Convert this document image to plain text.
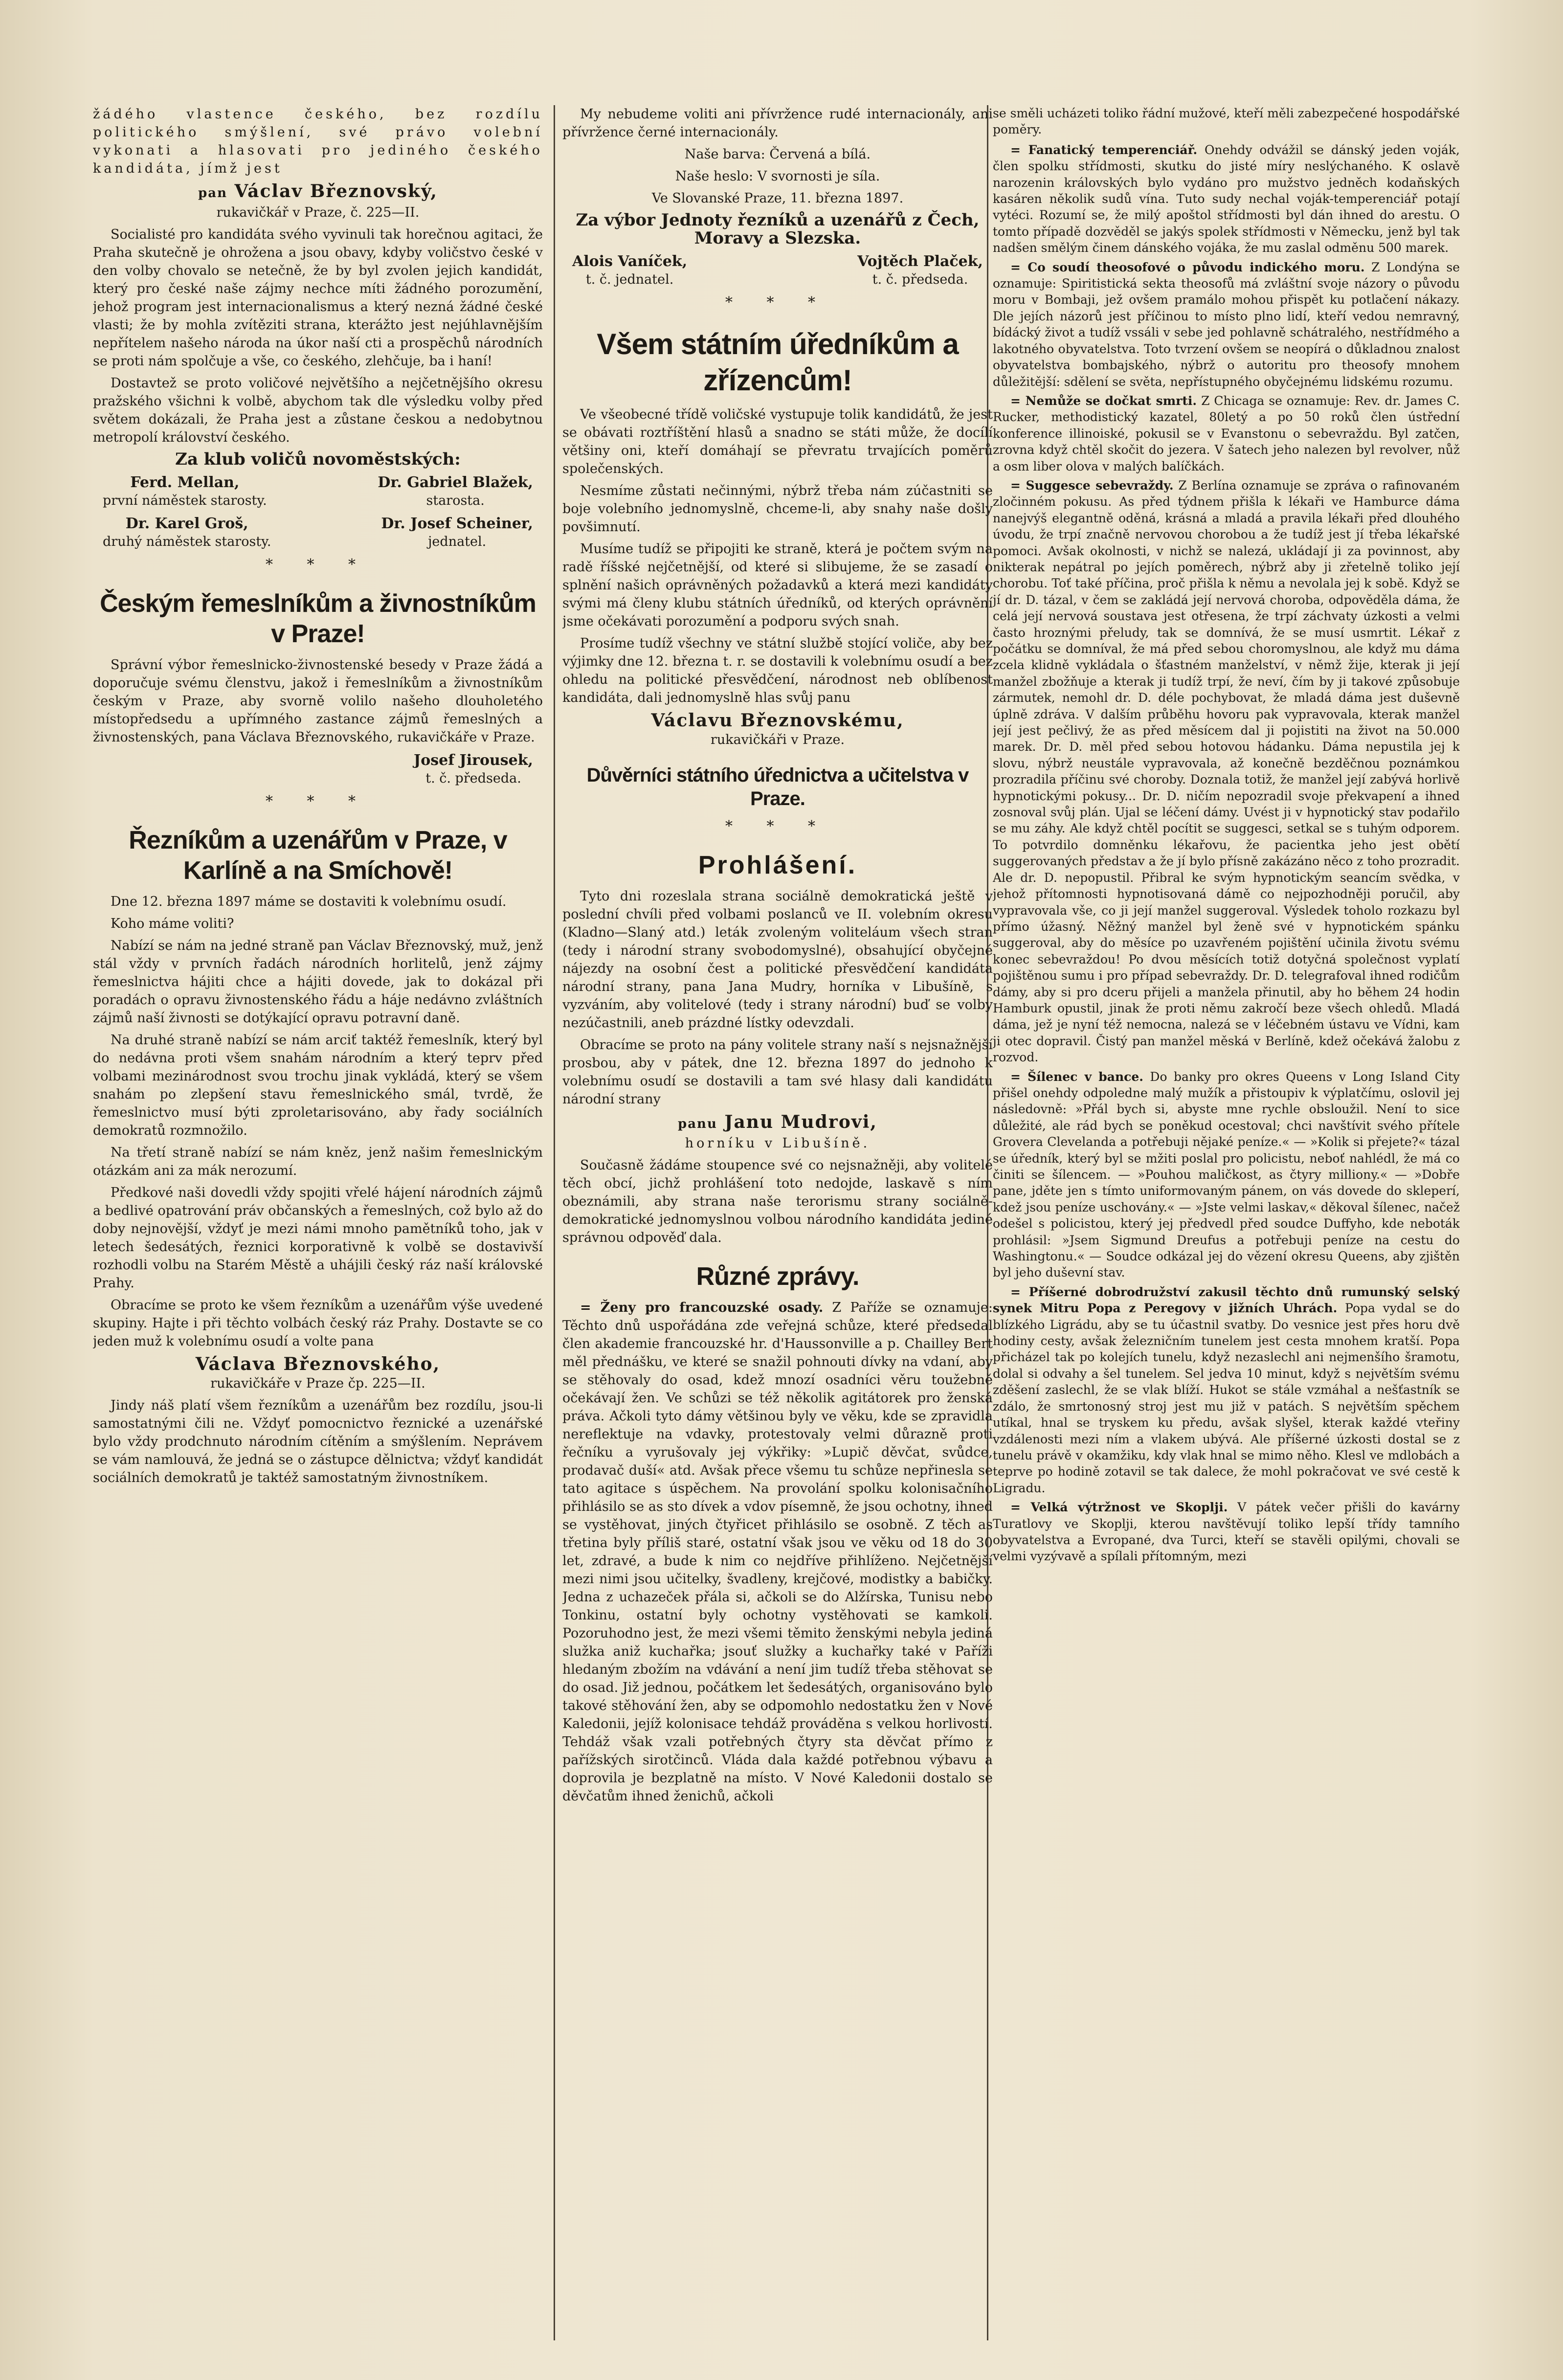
žádého vlastence českého, bez rozdílu politického smýšlení, své právo volební vykonati a hlasovati pro jediného českého kandidáta, jímž jest

pan Václav Březnovský,

rukavičkář v Praze, č. 225—II.

Socialisté pro kandidáta svého vyvinuli tak horečnou agitaci, že Praha skutečně je ohrožena a jsou obavy, kdyby voličstvo české v den volby chovalo se netečně, že by byl zvolen jejich kandidát, který pro české naše zájmy nechce míti žádného porozumění, jehož program jest internacionalismus a který nezná žádné české vlasti; že by mohla zvítěziti strana, kterážto jest nejúhlavnějším nepřítelem našeho národa na úkor naší cti a prospěchů národních se proti nám spolčuje a vše, co českého, zlehčuje, ba i haní!

Dostavtež se proto voličové největšího a nejčetnějšího okresu pražského všichni k volbě, abychom tak dle výsledku volby před světem dokázali, že Praha jest a zůstane českou a nedobytnou metropolí království českého.

Za klub voličů novoměstských:
Ferd. Mellan,
první náměstek starosty.
Dr. Gabriel Blažek,
starosta.
Dr. Karel Groš,
druhý náměstek starosty.
Dr. Josef Scheiner,
jednatel.
* * *
Českým řemeslníkům a živnostníkům v Praze!

Správní výbor řemeslnicko-živnostenské besedy v Praze žádá a doporučuje svému členstvu, jakož i řemeslníkům a živnostníkům českým v Praze, aby svorně volilo našeho dlouholetého místopředsedu a upřímného zastance zájmů řemeslných a živnostenských, pana Václava Březnovského, rukavičkáře v Praze.

Josef Jirousek,
t. č. předseda.
* * *
Řezníkům a uzenářům v Praze, v Karlíně a na Smíchově!

Dne 12. března 1897 máme se dostaviti k volebnímu osudí.

Koho máme voliti?

Nabízí se nám na jedné straně pan Václav Březnovský, muž, jenž stál vždy v prvních řadách národních horlitelů, jenž zájmy řemeslnictva hájiti chce a hájiti dovede, jak to dokázal při poradách o opravu živnostenského řádu a háje nedávno zvláštních zájmů naší živnosti se dotýkající opravu potravní daně.

Na druhé straně nabízí se nám arciť taktéž řemeslník, který byl do nedávna proti všem snahám národním a který teprv před volbami mezinárodnost svou trochu jinak vykládá, který se všem snahám po zlepšení stavu řemeslnického smál, tvrdě, že řemeslnictvo musí býti zproletarisováno, aby řady sociálních demokratů rozmnožilo.

Na třetí straně nabízí se nám kněz, jenž našim řemeslnickým otázkám ani za mák nerozumí.

Předkové naši dovedli vždy spojiti vřelé hájení národních zájmů a bedlivé opatrování práv občanských a řemeslných, což bylo až do doby nejnovější, vždyť je mezi námi mnoho pamětníků toho, jak v letech šedesátých, řeznici korporativně k volbě se dostavivší rozhodli volbu na Starém Městě a uhájili český ráz naší královské Prahy.

Obracíme se proto ke všem řezníkům a uzenářům výše uvedené skupiny. Hajte i při těchto volbách český ráz Prahy. Dostavte se co jeden muž k volebnímu osudí a volte pana

Václava Březnovského,

rukavičkáře v Praze čp. 225—II.

Jindy náš platí všem řezníkům a uzenářům bez rozdílu, jsou-li samostatnými čili ne. Vždyť pomocnictvo řeznické a uzenářské bylo vždy prodchnuto národním cítěním a smýšlením. Neprávem se vám namlouvá, že jedná se o zástupce dělnictva; vždyť kandidát sociálních demokratů je taktéž samostatným živnostníkem.

My nebudeme voliti ani přívržence rudé internacionály, ani přívržence černé internacionály.

Naše barva: Červená a bílá.

Naše heslo: V svornosti je síla.

Ve Slovanské Praze, 11. března 1897.

Za výbor Jednoty řezníků a uzenářů z Čech, Moravy a Slezska.
Alois Vaníček,
t. č. jednatel.
Vojtěch Plaček,
t. č. předseda.
* * *
Všem státním úředníkům a zřízencům!

Ve všeobecné třídě voličské vystupuje tolik kandidátů, že jest se obávati roztříštění hlasů a snadno se státi může, že docílí většiny oni, kteří domáhají se převratu trvajících poměrů společenských.

Nesmíme zůstati nečinnými, nýbrž třeba nám zúčastniti se boje volebního jednomyslně, chceme-li, aby snahy naše došly povšimnutí.

Musíme tudíž se připojiti ke straně, která je počtem svým na radě říšské nejčetnější, od které si slibujeme, že se zasadí o splnění našich oprávněných požadavků a která mezi kandidáty svými má členy klubu státních úředníků, od kterých oprávnění jsme očekávati porozumění a podporu svých snah.

Prosíme tudíž všechny ve státní službě stojící voliče, aby bez výjimky dne 12. března t. r. se dostavili k volebnímu osudí a bez ohledu na politické přesvědčení, národnost neb oblíbenost kandidáta, dali jednomyslně hlas svůj panu

Václavu Březnovskému,

rukavičkáři v Praze.

Důvěrníci státního úřednictva a učitelstva v Praze.
* * *
Prohlášení.

Tyto dni rozeslala strana sociálně demokratická ještě v poslední chvíli před volbami poslanců ve II. volebním okresu (Kladno—Slaný atd.) leták zvoleným voliteláum všech stran (tedy i národní strany svobodomyslné), obsahující obyčejné nájezdy na osobní čest a politické přesvědčení kandidáta národní strany, pana Jana Mudry, horníka v Libušíně, s vyzváním, aby volitelové (tedy i strany národní) buď se volby nezúčastnili, aneb prázdné lístky odevzdali.

Obracíme se proto na pány volitele strany naší s nejsnažnější prosbou, aby v pátek, dne 12. března 1897 do jednoho k volebnímu osudí se dostavili a tam své hlasy dali kandidátu národní strany

panu Janu Mudrovi,

horníku v Libušíně.

Současně žádáme stoupence své co nejsnažněji, aby volitelé těch obcí, jichž prohlášení toto nedojde, laskavě s ním obeznámili, aby strana naše terorismu strany sociálně-demokratické jednomyslnou volbou národního kandidáta jediné správnou odpověď dala.

Různé zprávy.

= Ženy pro francouzské osady. Z Paříže se oznamuje: Těchto dnů uspořádána zde veřejná schůze, které předsedal člen akademie francouzské hr. d'Haussonville a p. Chailley Bert měl přednášku, ve které se snažil pohnouti dívky na vdaní, aby se stěhovaly do osad, kdež mnozí osadníci věru toužebně očekávají žen. Ve schůzi se též několik agitátorek pro ženská práva. Ačkoli tyto dámy většinou byly ve věku, kde se zpravidla nereflektuje na vdavky, protestovaly velmi důrazně proti řečníku a vyrušovaly jej výkřiky: »Lupič děvčat, svůdce, prodavač duší« atd. Avšak přece všemu tu schůze nepřinesla se tato agitace s úspěchem. Na provolání spolku kolonisačního přihlásilo se as sto dívek a vdov písemně, že jsou ochotny, ihned se vystěhovat, jiných čtyřicet přihlásilo se osobně. Z těch as třetina byly příliš staré, ostatní však jsou ve věku od 18 do 30 let, zdravé, a bude k nim co nejdříve přihlíženo. Nejčetnější mezi nimi jsou učitelky, švadleny, krejčové, modistky a babičky. Jedna z uchazeček přála si, ačkoli se do Alžírska, Tunisu nebo Tonkinu, ostatní byly ochotny vystěhovati se kamkoli. Pozoruhodno jest, že mezi všemi těmito ženskými nebyla jediná služka aniž kuchařka; jsouť služky a kuchařky také v Paříži hledaným zbožím na vdávání a není jim tudíž třeba stěhovat se do osad. Již jednou, počátkem let šedesátých, organisováno bylo takové stěhování žen, aby se odpomohlo nedostatku žen v Nové Kaledonii, jejíž kolonisace tehdáž prováděna s velkou horlivostí. Tehdáž však vzali potřebných čtyry sta děvčat přímo z pařížských sirotčinců. Vláda dala každé potřebnou výbavu a doprovila je bezplatně na místo. V Nové Kaledonii dostalo se děvčatům ihned ženichů, ačkoli

se směli ucházeti toliko řádní mužové, kteří měli zabezpečené hospodářské poměry.

= Fanatický temperenciář. Onehdy odvážil se dánský jeden voják, člen spolku střídmosti, skutku do jisté míry neslýchaného. K oslavě narozenin královských bylo vydáno pro mužstvo jedněch kodaňských kasáren několik sudů vína. Tuto sudy nechal voják-temperenciář potají vytéci. Rozumí se, že milý apoštol střídmosti byl dán ihned do arestu. O tomto případě dozvěděl se jakýs spolek střídmosti v Německu, jenž byl tak nadšen smělým činem dánského vojáka, že mu zaslal odměnu 500 marek.

= Co soudí theosofové o původu indického moru. Z Londýna se oznamuje: Spiritistická sekta theosofů má zvláštní svoje názory o původu moru v Bombaji, jež ovšem pramálo mohou přispět ku potlačení nákazy. Dle jejích názorů jest příčinou to místo plno lidí, kteří vedou nemravný, bídácký život a tudíž vssáli v sebe jed pohlavně schátralého, nestřídmého a lakotného obyvatelstva. Toto tvrzení ovšem se neopírá o důkladnou znalost obyvatelstva bombajského, nýbrž o autoritu pro theosofy mnohem důležitější: sdělení se světa, nepřístupného obyčejnému lidskému rozumu.

= Nemůže se dočkat smrti. Z Chicaga se oznamuje: Rev. dr. James C. Rucker, methodistický kazatel, 80letý a po 50 roků člen ústřední konference illinoiské, pokusil se v Evanstonu o sebevraždu. Byl zatčen, zrovna když chtěl skočit do jezera. V šatech jeho nalezen byl revolver, nůž a osm liber olova v malých balíčkách.

= Suggesce sebevraždy. Z Berlína oznamuje se zpráva o rafinovaném zločinném pokusu. As před týdnem přišla k lékaři ve Hamburce dáma nanejvýš elegantně oděná, krásná a mladá a pravila lékaři před dlouhého úvodu, že trpí značně nervovou chorobou a že tudíž jest jí třeba lékařské pomoci. Avšak okolnosti, v nichž se nalezá, ukládají ji za povinnost, aby nikterak nepátral po jejích poměrech, nýbrž aby ji zřetelně toliko její chorobu. Toť také příčina, proč přišla k němu a nevolala jej k sobě. Když se jí dr. D. tázal, v čem se zakládá její nervová choroba, odpověděla dáma, že celá její nervová soustava jest otřesena, že trpí záchvaty úzkosti a velmi často hroznými přeludy, tak se domnívá, že se musí usmrtit. Lékař z počátku se domníval, že má před sebou choromyslnou, ale když mu dáma zcela klidně vykládala o šťastném manželství, v němž žije, kterak ji její manžel zbožňuje a kterak ji tudíž trpí, že neví, čím by ji takové způsobuje zármutek, nemohl dr. D. déle pochybovat, že mladá dáma jest duševně úplně zdráva. V dalším průběhu hovoru pak vypravovala, kterak manžel její jest pečlivý, že as před měsícem dal ji pojistiti na život na 50.000 marek. Dr. D. měl před sebou hotovou hádanku. Dáma nepustila jej k slovu, nýbrž neustále vypravovala, až konečně bezděčnou poznámkou prozradila příčinu své choroby. Doznala totiž, že manžel její zabývá horlivě hypnotickými pokusy... Dr. D. ničím nepozradil svoje překvapení a ihned zosnoval svůj plán. Ujal se léčení dámy. Uvést ji v hypnotický stav podařilo se mu záhy. Ale když chtěl pocítit se suggesci, setkal se s tuhým odporem. To potvrdilo domněnku lékařovu, že pacientka jeho jest obětí suggerovaných představ a že jí bylo přísně zakázáno něco z toho prozradit. Ale dr. D. nepopustil. Přibral ke svým hypnotickým seancím svědka, v jehož přítomnosti hypnotisovaná dámě co nejpozhodněji poručil, aby vypravovala vše, co ji její manžel suggeroval. Výsledek toholo rozkazu byl přímo úžasný. Něžný manžel byl ženě své v hypnotickém spánku suggeroval, aby do měsíce po uzavřeném pojištění učinila životu svému konec sebevraždou! Po dvou měsících totiž dotyčná společnost vyplatí pojištěnou sumu i pro případ sebevraždy. Dr. D. telegrafoval ihned rodičům dámy, aby si pro dceru přijeli a manžela přinutil, aby ho během 24 hodin Hamburk opustil, jinak že proti němu zakročí beze všech ohledů. Mladá dáma, jež je nyní též nemocna, nalezá se v léčebném ústavu ve Vídni, kam ji otec dopravil. Čistý pan manžel měská v Berlíně, kdež očekává žalobu z rozvod.

= Šílenec v bance. Do banky pro okres Queens v Long Island City přišel onehdy odpoledne malý mužík a přistoupiv k výplatčímu, oslovil jej následovně: »Přál bych si, abyste mne rychle obsloužil. Není to sice důležité, ale rád bych se poněkud ocestoval; chci navštívit svého přítele Grovera Clevelanda a potřebuji nějaké peníze.« — »Kolik si přejete?« tázal se úředník, který byl se mžiti poslal pro policistu, neboť nahlédl, že má co činiti se šílencem. — »Pouhou maličkost, as čtyry milliony.« — »Dobře pane, jděte jen s tímto uniformovaným pánem, on vás dovede do skleperí, kdež jsou peníze uschovány.« — »Jste velmi laskav,« děkoval šílenec, načež odešel s policistou, který jej předvedl před soudce Duffyho, kde neboták prohlásil: »Jsem Sigmund Dreufus a potřebuji peníze na cestu do Washingtonu.« — Soudce odkázal jej do vězení okresu Queens, aby zjištěn byl jeho duševní stav.

= Příšerné dobrodružství zakusil těchto dnů rumunský selský synek Mitru Popa z Peregovy v jižních Uhrách. Popa vydal se do blízkého Ligrádu, aby se tu účastnil svatby. Do vesnice jest přes horu dvě hodiny cesty, avšak železničním tunelem jest cesta mnohem kratší. Popa přicházel tak po kolejích tunelu, když nezaslechl ani nejmenšího šramotu, dolal si odvahy a šel tunelem. Sel jedva 10 minut, když s největším svému zděšení zaslechl, že se vlak blíží. Hukot se stále vzmáhal a nešťastník se zdálo, že smrtonosný stroj jest mu již v patách. S největším spěchem utíkal, hnal se tryskem ku předu, avšak slyšel, kterak každé vteřiny vzdálenosti mezi ním a vlakem ubývá. Ale příšerné úzkosti dostal se z tunelu právě v okamžiku, kdy vlak hnal se mimo něho. Klesl ve mdlobách a teprve po hodině zotavil se tak dalece, že mohl pokračovat ve své cestě k Ligradu.

= Velká výtržnost ve Skoplji. V pátek večer přišli do kavárny Turatlovy ve Skoplji, kterou navštěvují toliko lepší třídy tamního obyvatelstva a Evropané, dva Turci, kteří se stavěli opilými, chovali se velmi vyzývavě a spílali přítomným, mezi
